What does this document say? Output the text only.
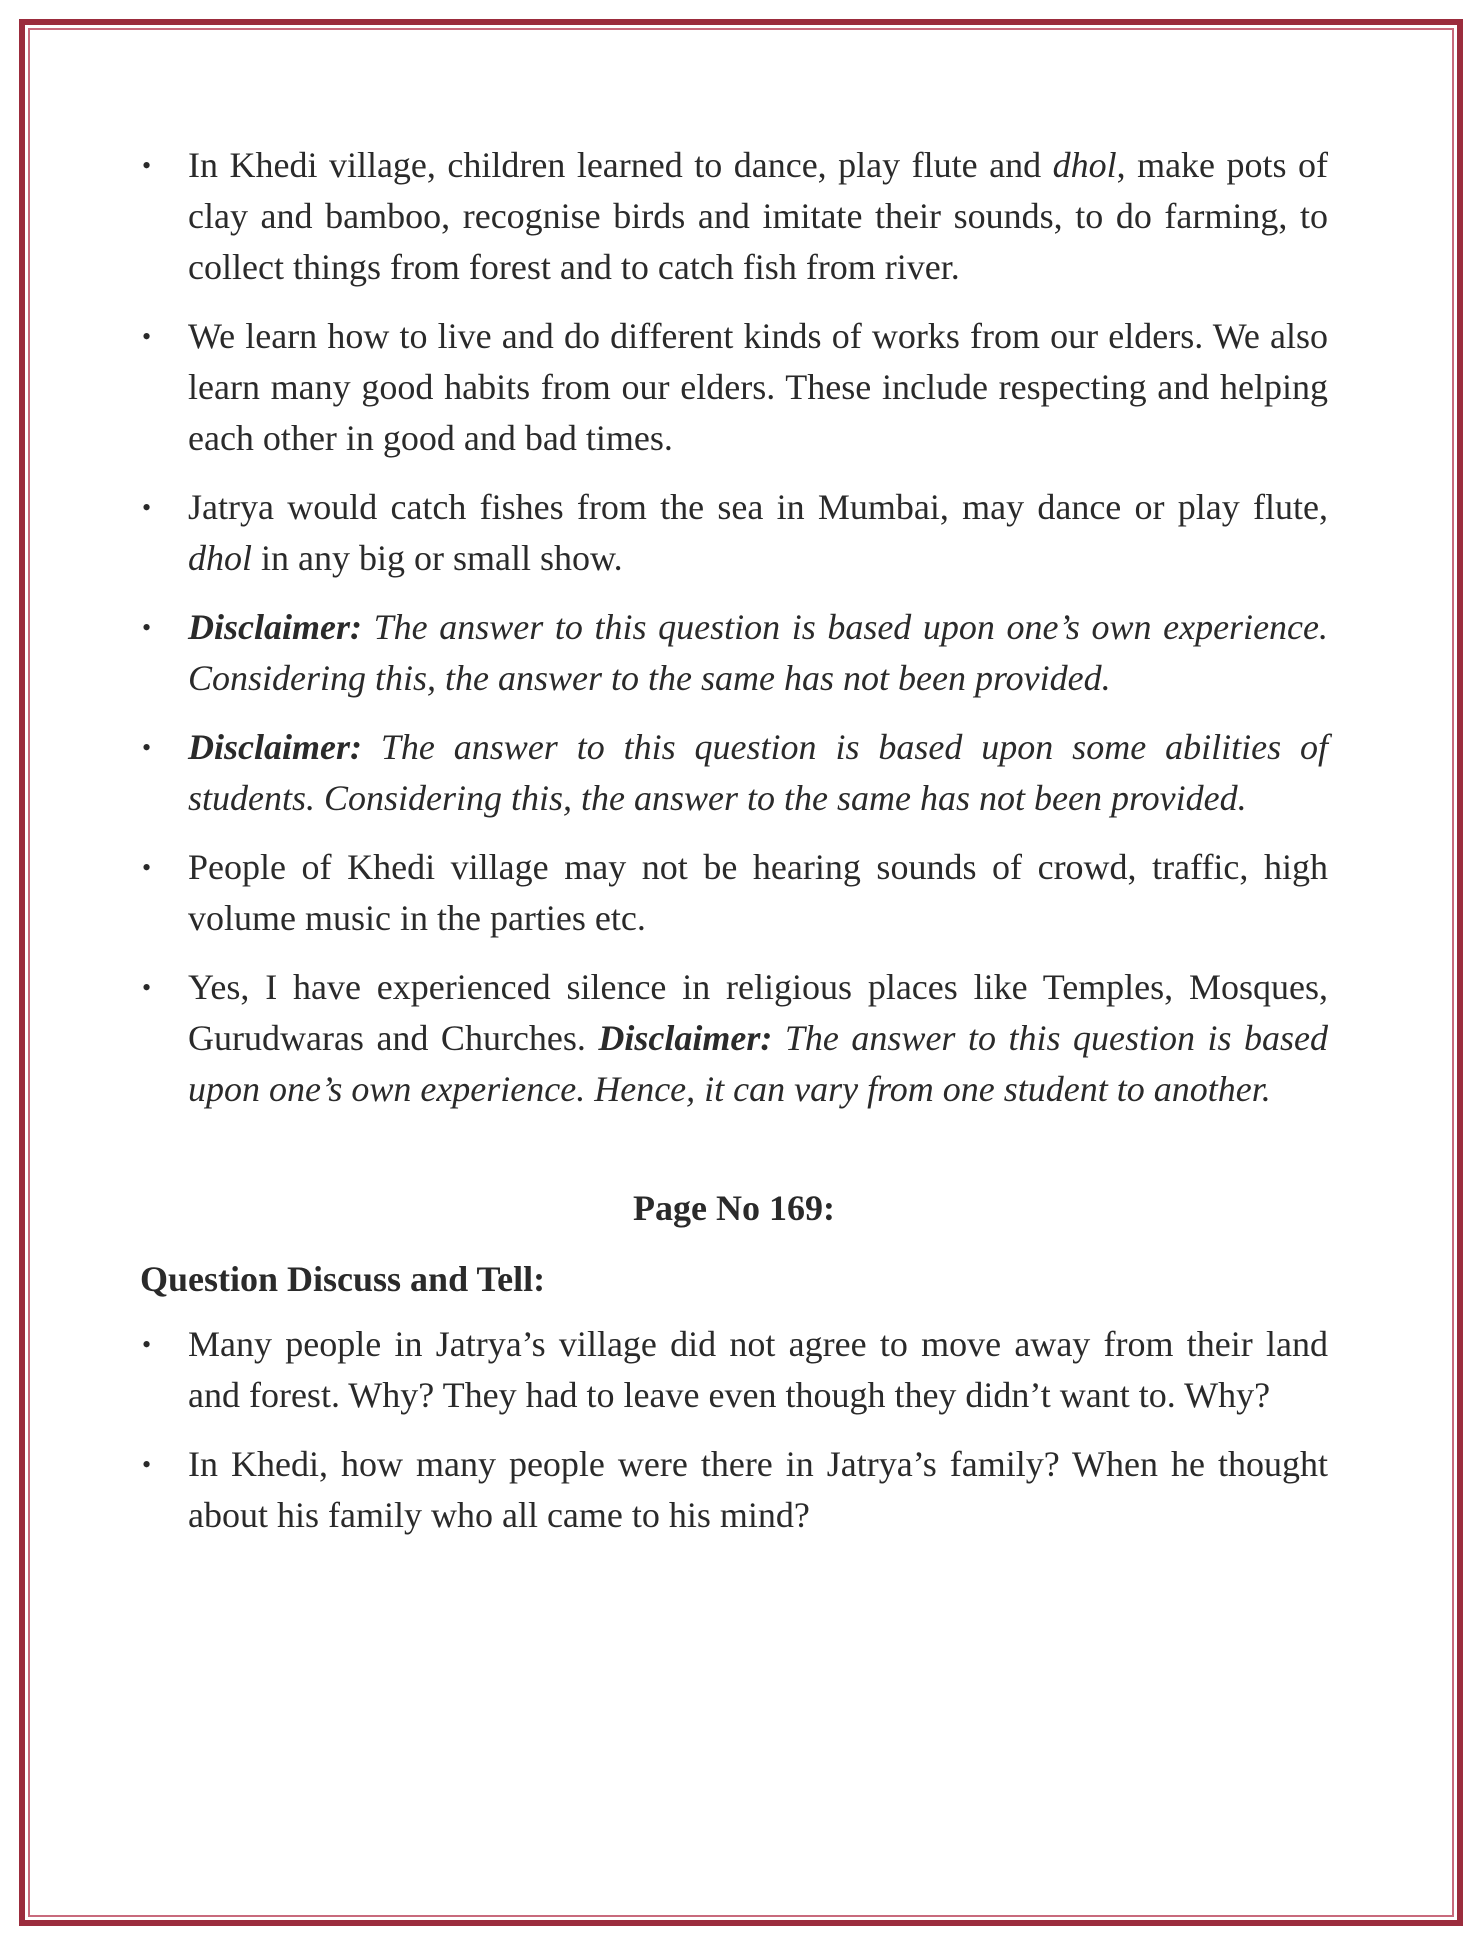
• In Khedi village, children learned to dance, play flute and dhol, make pots of clay and bamboo, recognise birds and imitate their sounds, to do farming, to collect things from forest and to catch fish from river.
• We learn how to live and do different kinds of works from our elders. We also learn many good habits from our elders. These include respecting and helping each other in good and bad times.
• Jatrya would catch fishes from the sea in Mumbai, may dance or play flute, dhol in any big or small show.
• Disclaimer: The answer to this question is based upon one’s own experience. Considering this, the answer to the same has not been provided.
• Disclaimer: The answer to this question is based upon some abilities of students. Considering this, the answer to the same has not been provided.
• People of Khedi village may not be hearing sounds of crowd, traffic, high volume music in the parties etc.
• Yes, I have experienced silence in religious places like Temples, Mosques, Gurudwaras and Churches. Disclaimer: The answer to this question is based upon one’s own experience. Hence, it can vary from one student to another.
Page No 169:
Question Discuss and Tell:
• Many people in Jatrya’s village did not agree to move away from their land and forest. Why? They had to leave even though they didn’t want to. Why?
• In Khedi, how many people were there in Jatrya’s family? When he thought about his family who all came to his mind?
